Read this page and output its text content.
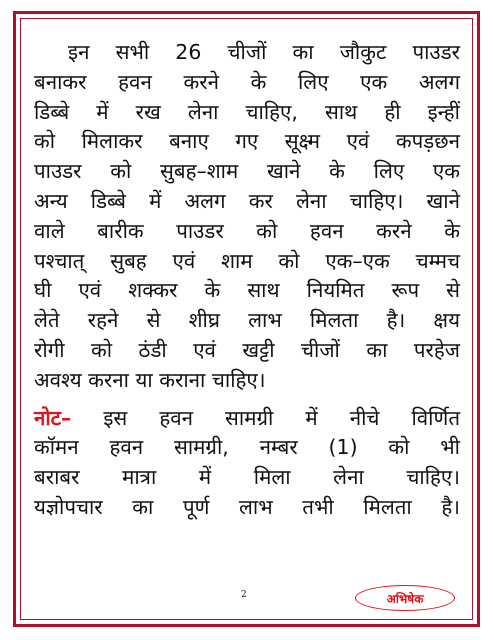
इन सभी 26 चीजों का जौकुट पाउडर
बनाकर हवन करने के लिए एक अलग
डिब्बे में रख लेना चाहिए, साथ ही इन्हीं
को मिलाकर बनाए गए सूक्ष्म एवं कपड़छन
पाउडर को सुबह–शाम खाने के लिए एक
अन्य डिब्बे में अलग कर लेना चाहिए। खाने
वाले बारीक पाउडर को हवन करने के
पश्चात् सुबह एवं शाम को एक–एक चम्मच
घी एवं शक्कर के साथ नियमित रूप से
लेते रहने से शीघ्र लाभ मिलता है। क्षय
रोगी को ठंडी एवं खट्टी चीजों का परहेज
अवश्य करना या कराना चाहिए।

नोट– इस हवन सामग्री में नीचे विर्णित
कॉमन हवन सामग्री, नम्बर (1) को भी
बराबर मात्रा में मिला लेना चाहिए।
यज्ञोपचार का पूर्ण लाभ तभी मिलता है।

2	अभिषेक
